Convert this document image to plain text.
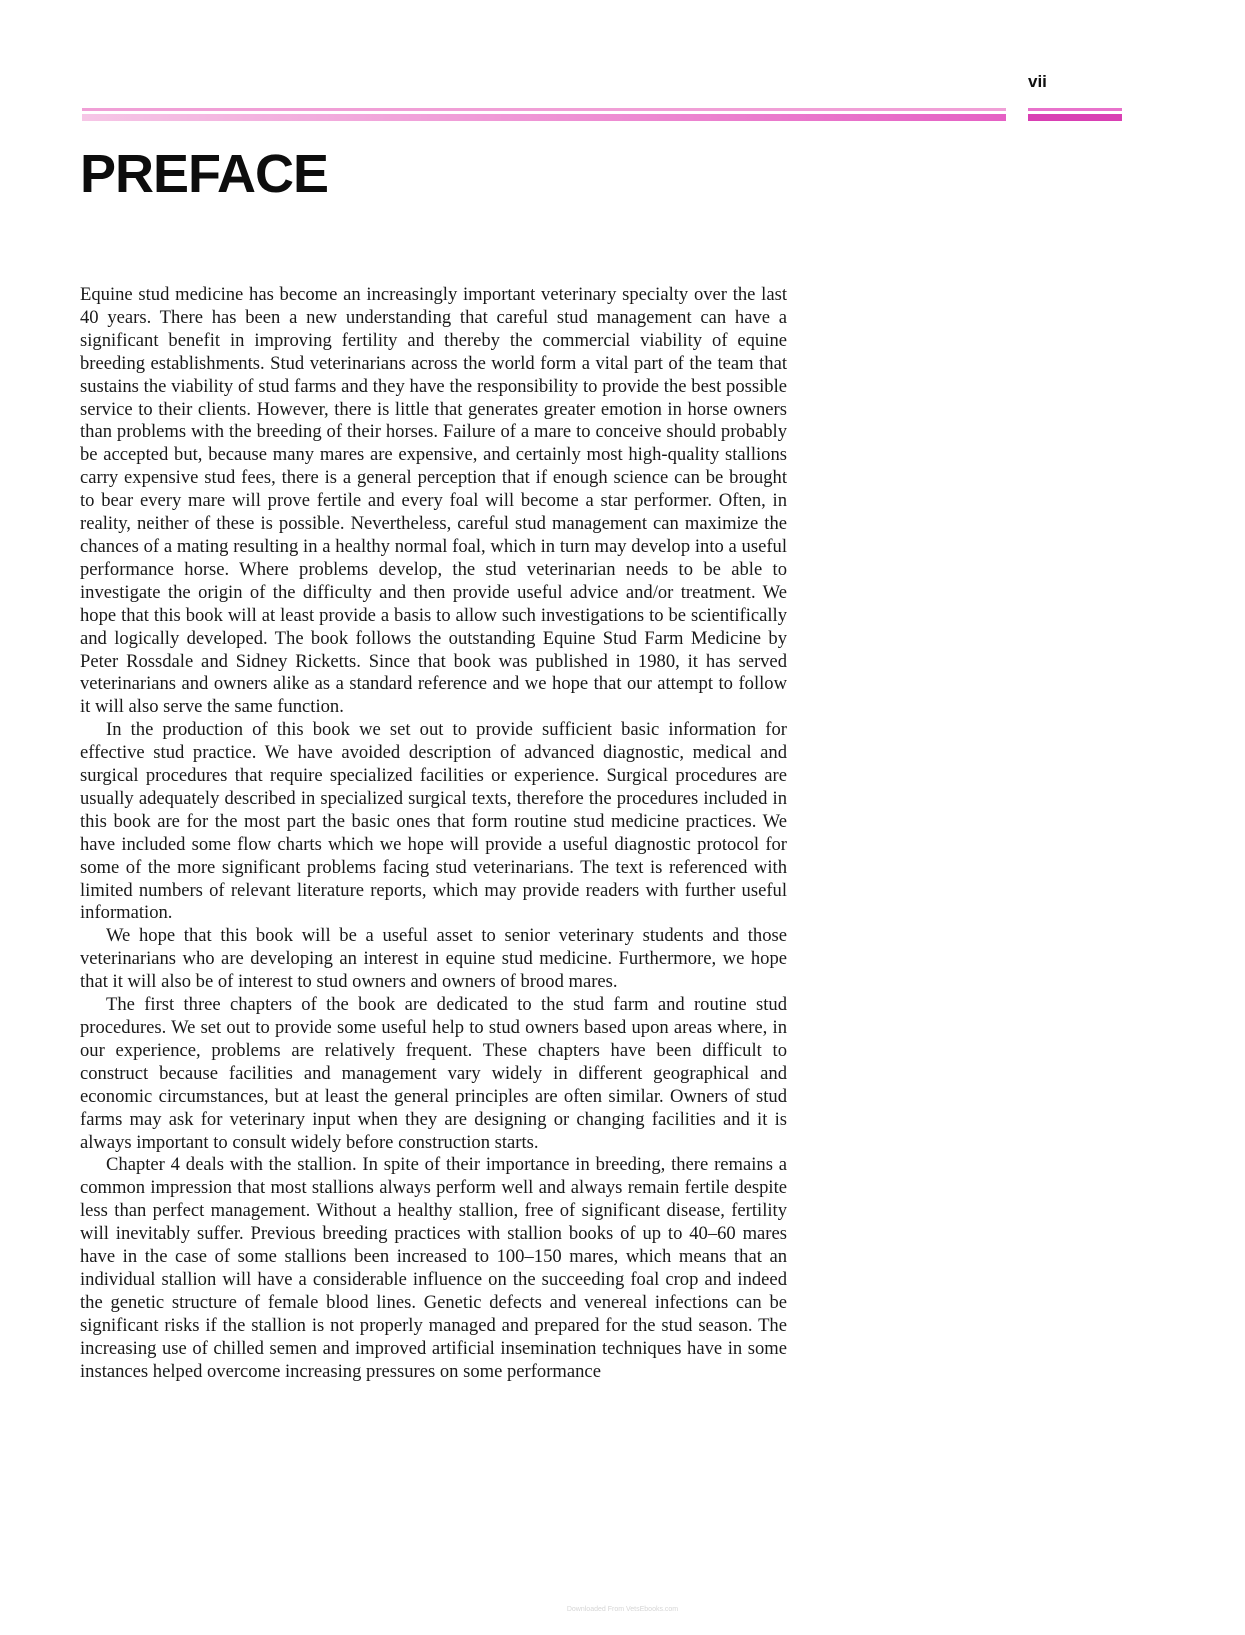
vii
PREFACE

Equine stud medicine has become an increasingly important veterinary specialty over the last 40 years. There has been a new understanding that careful stud management can have a significant benefit in improving fertility and thereby the commercial viability of equine breeding establishments. Stud veterinarians across the world form a vital part of the team that sustains the viability of stud farms and they have the responsibility to provide the best possible service to their clients. However, there is little that generates greater emotion in horse owners than problems with the breeding of their horses. Failure of a mare to conceive should probably be accepted but, because many mares are expensive, and certainly most high-quality stallions carry expensive stud fees, there is a general perception that if enough science can be brought to bear every mare will prove fertile and every foal will become a star performer. Often, in reality, neither of these is possible. Nevertheless, careful stud management can maximize the chances of a mating resulting in a healthy normal foal, which in turn may develop into a useful performance horse. Where problems develop, the stud veterinarian needs to be able to investigate the origin of the difficulty and then provide useful advice and/or treatment. We hope that this book will at least provide a basis to allow such investigations to be scientifically and logically developed. The book follows the outstanding Equine Stud Farm Medicine by Peter Rossdale and Sidney Ricketts. Since that book was published in 1980, it has served veterinarians and owners alike as a standard reference and we hope that our attempt to follow it will also serve the same function.

In the production of this book we set out to provide sufficient basic information for effective stud practice. We have avoided description of advanced diagnostic, medical and surgical procedures that require specialized facilities or experience. Surgical procedures are usually adequately described in specialized surgical texts, therefore the procedures included in this book are for the most part the basic ones that form routine stud medicine practices. We have included some flow charts which we hope will provide a useful diagnostic protocol for some of the more significant problems facing stud veterinarians. The text is referenced with limited numbers of relevant literature reports, which may provide readers with further useful information.

We hope that this book will be a useful asset to senior veterinary students and those veterinarians who are developing an interest in equine stud medicine. Furthermore, we hope that it will also be of interest to stud owners and owners of brood mares.

The first three chapters of the book are dedicated to the stud farm and routine stud procedures. We set out to provide some useful help to stud owners based upon areas where, in our experience, problems are relatively frequent. These chapters have been difficult to construct because facilities and management vary widely in different geographical and economic circumstances, but at least the general principles are often similar. Owners of stud farms may ask for veterinary input when they are designing or changing facilities and it is always important to consult widely before construction starts.

Chapter 4 deals with the stallion. In spite of their importance in breeding, there remains a common impression that most stallions always perform well and always remain fertile despite less than perfect management. Without a healthy stallion, free of significant disease, fertility will inevitably suffer. Previous breeding practices with stallion books of up to 40–60 mares have in the case of some stallions been increased to 100–150 mares, which means that an individual stallion will have a considerable influence on the succeeding foal crop and indeed the genetic structure of female blood lines. Genetic defects and venereal infections can be significant risks if the stallion is not properly managed and prepared for the stud season. The increasing use of chilled semen and improved artificial insemination techniques have in some instances helped overcome increasing pressures on some performance

Downloaded From VetsEbooks.com
